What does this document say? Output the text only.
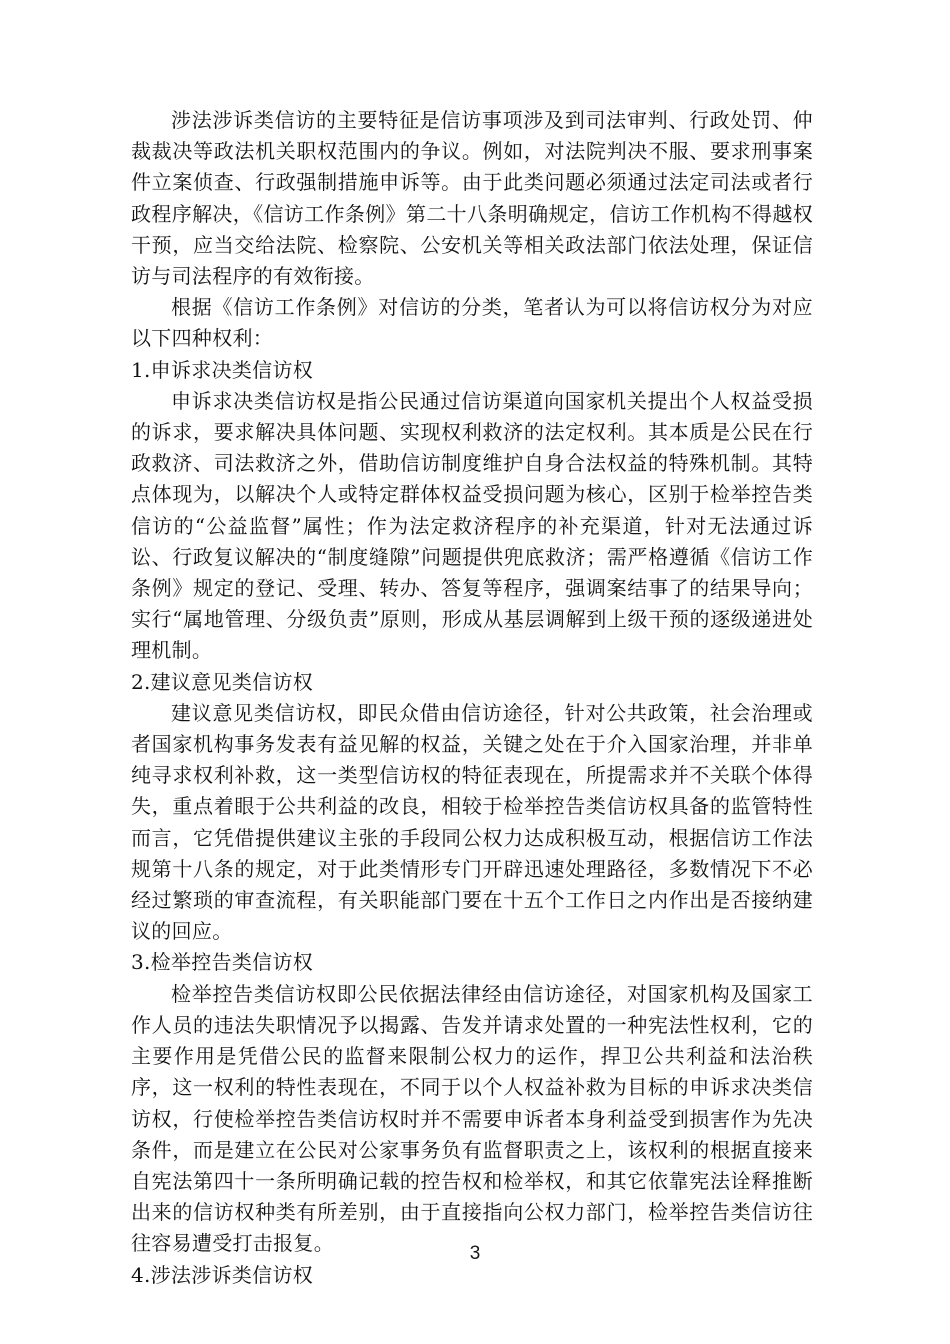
涉法涉诉类信访的主要特征是信访事项涉及到司法审判、行政处罚、仲裁裁决等政法机关职权范围内的争议。例如，对法院判决不服、要求刑事案件立案侦查、行政强制措施申诉等。由于此类问题必须通过法定司法或者行政程序解决，《信访工作条例》第二十八条明确规定，信访工作机构不得越权干预，应当交给法院、检察院、公安机关等相关政法部门依法处理，保证信访与司法程序的有效衔接。

根据《信访工作条例》对信访的分类，笔者认为可以将信访权分为对应以下四种权利：

1.申诉求决类信访权

申诉求决类信访权是指公民通过信访渠道向国家机关提出个人权益受损的诉求，要求解决具体问题、实现权利救济的法定权利。其本质是公民在行政救济、司法救济之外，借助信访制度维护自身合法权益的特殊机制。其特点体现为，以解决个人或特定群体权益受损问题为核心，区别于检举控告类信访的“公益监督”属性；作为法定救济程序的补充渠道，针对无法通过诉讼、行政复议解决的“制度缝隙”问题提供兜底救济；需严格遵循《信访工作条例》规定的登记、受理、转办、答复等程序，强调案结事了的结果导向；实行“属地管理、分级负责”原则，形成从基层调解到上级干预的逐级递进处理机制。

2.建议意见类信访权

建议意见类信访权，即民众借由信访途径，针对公共政策，社会治理或者国家机构事务发表有益见解的权益，关键之处在于介入国家治理，并非单纯寻求权利补救，这一类型信访权的特征表现在，所提需求并不关联个体得失，重点着眼于公共利益的改良，相较于检举控告类信访权具备的监管特性而言，它凭借提供建议主张的手段同公权力达成积极互动，根据信访工作法规第十八条的规定，对于此类情形专门开辟迅速处理路径，多数情况下不必经过繁琐的审查流程，有关职能部门要在十五个工作日之内作出是否接纳建议的回应。

3.检举控告类信访权

检举控告类信访权即公民依据法律经由信访途径，对国家机构及国家工作人员的违法失职情况予以揭露、告发并请求处置的一种宪法性权利，它的主要作用是凭借公民的监督来限制公权力的运作，捍卫公共利益和法治秩序，这一权利的特性表现在，不同于以个人权益补救为目标的申诉求决类信访权，行使检举控告类信访权时并不需要申诉者本身利益受到损害作为先决条件，而是建立在公民对公家事务负有监督职责之上，该权利的根据直接来自宪法第四十一条所明确记载的控告权和检举权，和其它依靠宪法诠释推断出来的信访权种类有所差别，由于直接指向公权力部门，检举控告类信访往往容易遭受打击报复。

4.涉法涉诉类信访权

3
